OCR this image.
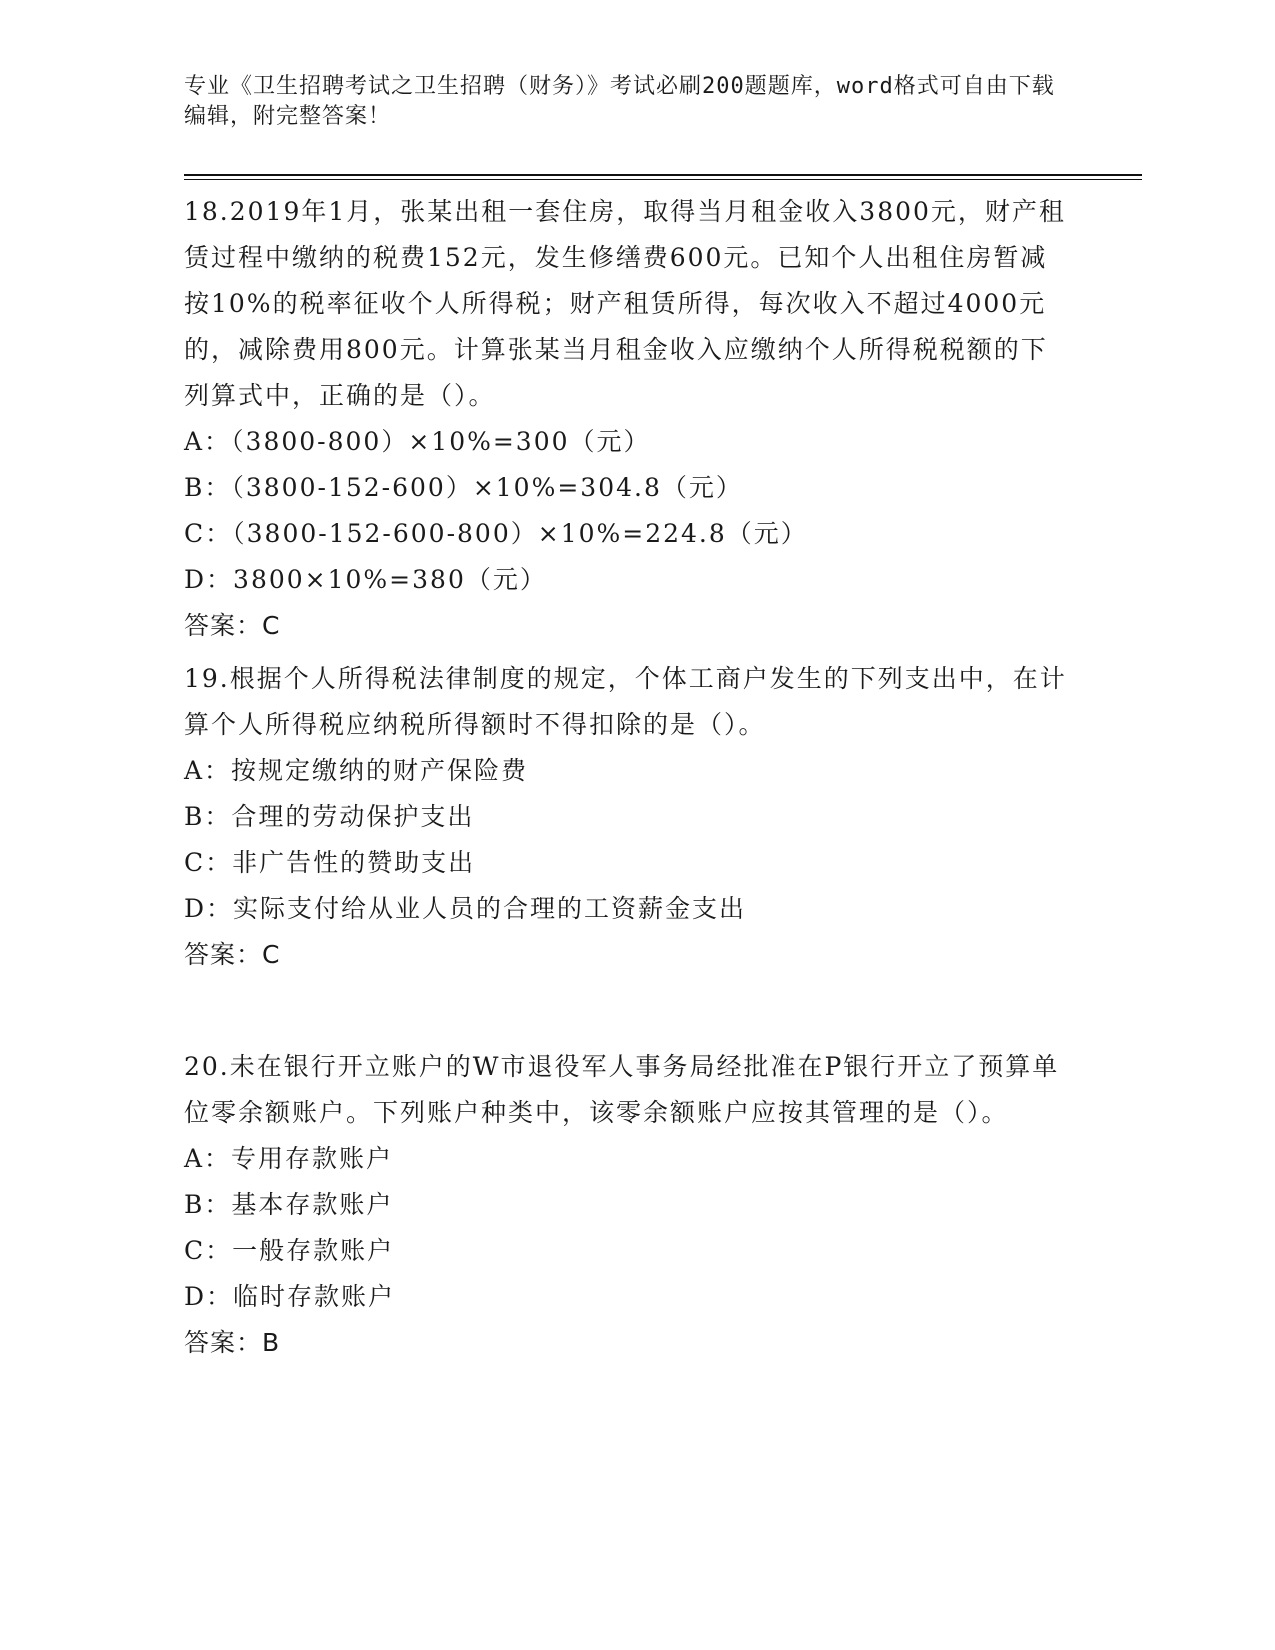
专业《卫生招聘考试之卫生招聘（财务）》考试必刷200题题库，word格式可自由下载编辑，附完整答案！

18.2019年1月，张某出租一套住房，取得当月租金收入3800元，财产租赁过程中缴纳的税费152元，发生修缮费600元。已知个人出租住房暂减按10%的税率征收个人所得税；财产租赁所得，每次收入不超过4000元的，减除费用800元。计算张某当月租金收入应缴纳个人所得税税额的下列算式中，正确的是（）。

A：（3800-800）×10%=300（元）

B：（3800-152-600）×10%=304.8（元）

C：（3800-152-600-800）×10%=224.8（元）

D：3800×10%=380（元）

答案：C

19.根据个人所得税法律制度的规定，个体工商户发生的下列支出中，在计算个人所得税应纳税所得额时不得扣除的是（）。

A：按规定缴纳的财产保险费

B：合理的劳动保护支出

C：非广告性的赞助支出

D：实际支付给从业人员的合理的工资薪金支出

答案：C

20.未在银行开立账户的W市退役军人事务局经批准在P银行开立了预算单位零余额账户。下列账户种类中，该零余额账户应按其管理的是（）。

A：专用存款账户

B：基本存款账户

C：一般存款账户

D：临时存款账户

答案：B
